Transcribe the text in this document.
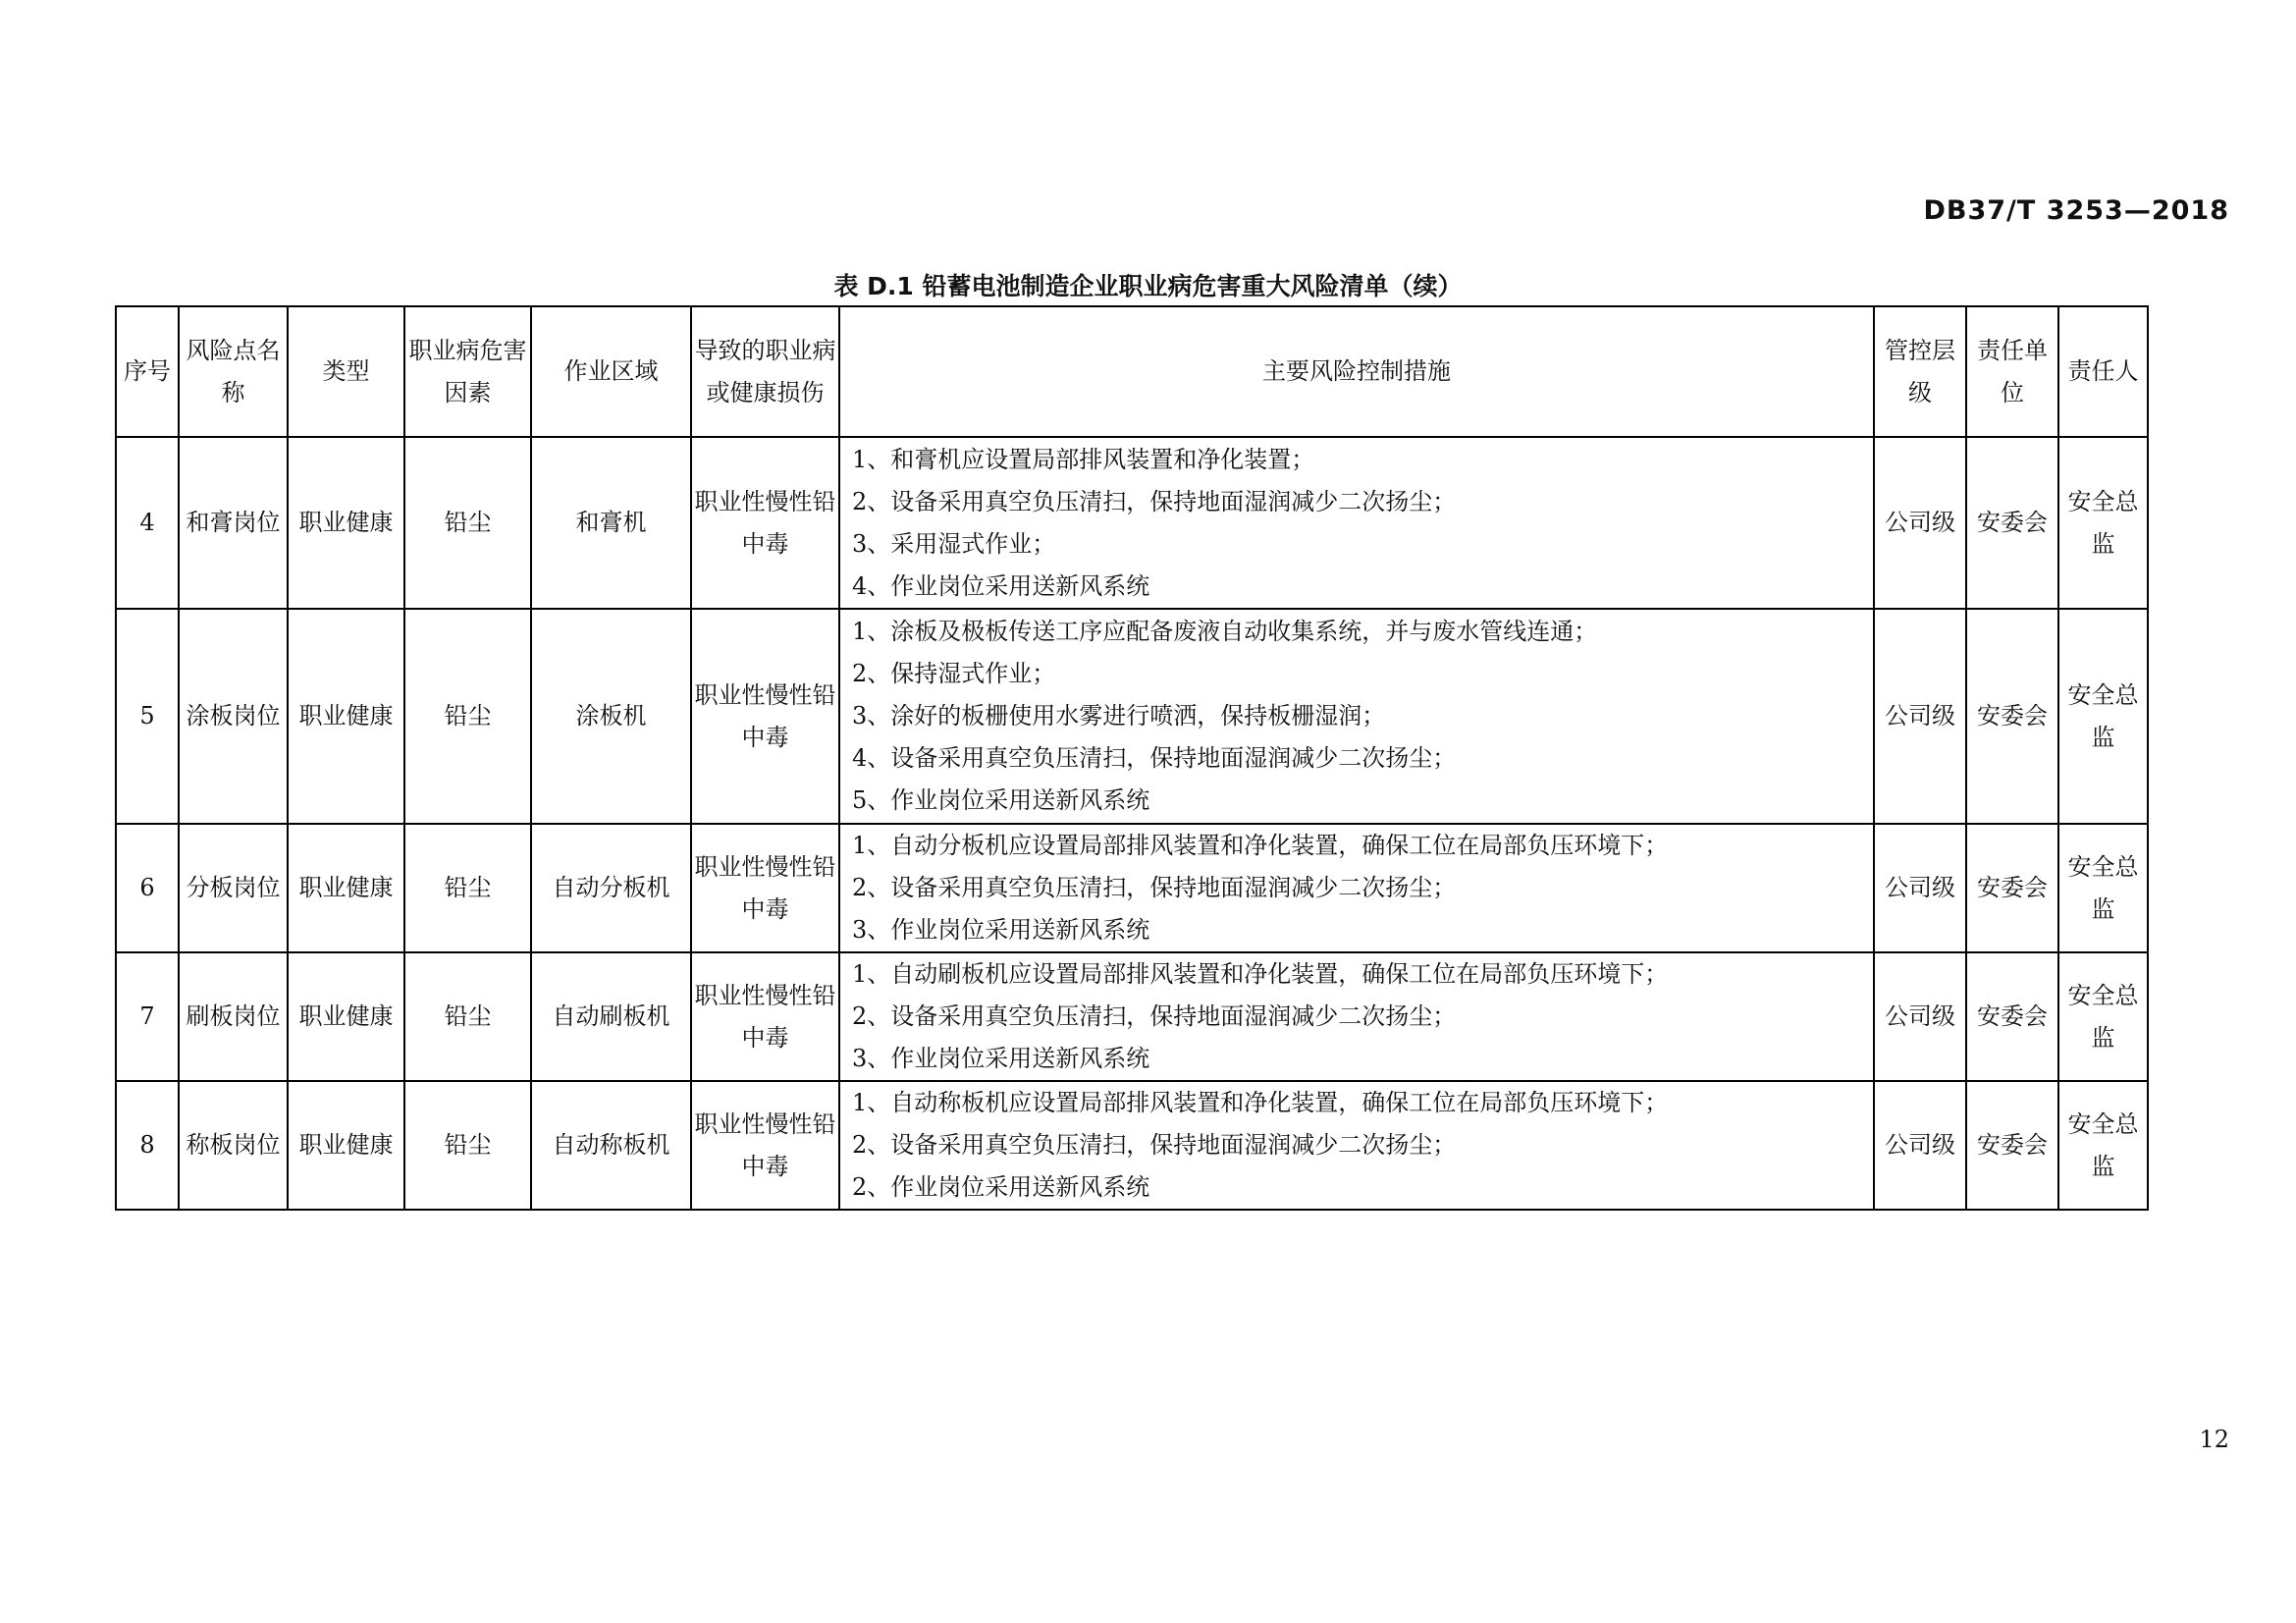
DB37/T 3253—2018
表 D.1 铅蓄电池制造企业职业病危害重大风险清单（续）
序号	风险点名称	类型	职业病危害因素	作业区域	导致的职业病或健康损伤	主要风险控制措施	管控层级	责任单位	责任人
4	和膏岗位	职业健康	铅尘	和膏机	职业性慢性铅中毒	1、和膏机应设置局部排风装置和净化装置；
2、设备采用真空负压清扫，保持地面湿润减少二次扬尘；
3、采用湿式作业；
4、作业岗位采用送新风系统	公司级	安委会	安全总监
5	涂板岗位	职业健康	铅尘	涂板机	职业性慢性铅中毒	1、涂板及极板传送工序应配备废液自动收集系统，并与废水管线连通；
2、保持湿式作业；
3、涂好的板栅使用水雾进行喷洒，保持板栅湿润；
4、设备采用真空负压清扫，保持地面湿润减少二次扬尘；
5、作业岗位采用送新风系统	公司级	安委会	安全总监
6	分板岗位	职业健康	铅尘	自动分板机	职业性慢性铅中毒	1、自动分板机应设置局部排风装置和净化装置，确保工位在局部负压环境下；
2、设备采用真空负压清扫，保持地面湿润减少二次扬尘；
3、作业岗位采用送新风系统	公司级	安委会	安全总监
7	刷板岗位	职业健康	铅尘	自动刷板机	职业性慢性铅中毒	1、自动刷板机应设置局部排风装置和净化装置，确保工位在局部负压环境下；
2、设备采用真空负压清扫，保持地面湿润减少二次扬尘；
3、作业岗位采用送新风系统	公司级	安委会	安全总监
8	称板岗位	职业健康	铅尘	自动称板机	职业性慢性铅中毒	1、自动称板机应设置局部排风装置和净化装置，确保工位在局部负压环境下；
2、设备采用真空负压清扫，保持地面湿润减少二次扬尘；
2、作业岗位采用送新风系统	公司级	安委会	安全总监
12
